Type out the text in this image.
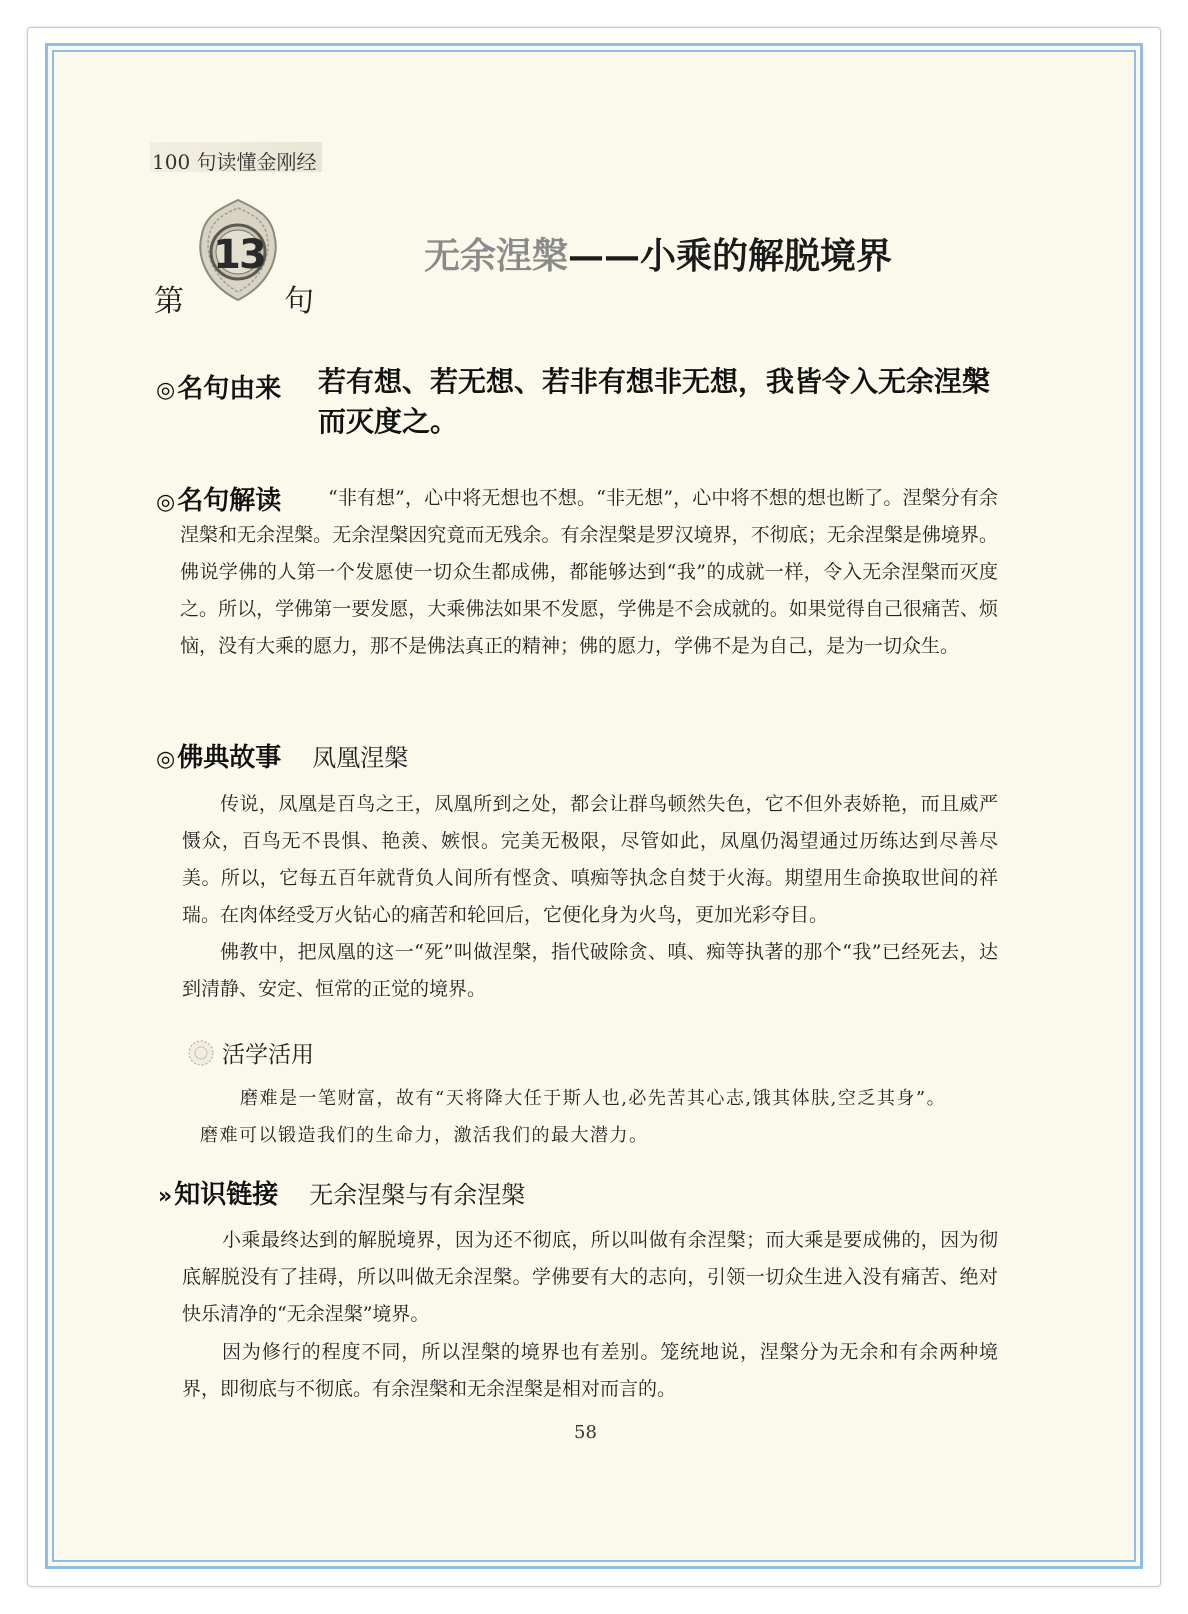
100 句读懂金刚经
13
第	句
无余涅槃——小乘的解脱境界
◎名句由来 若有想、若无想、若非有想非无想，我皆令入无余涅槃而灭度之。
◎名句解读	“非有想”，心中将无想也不想。“非无想”，心中将不想的想也断了。涅槃分有余涅槃和无余涅槃。无余涅槃因究竟而无残余。有余涅槃是罗汉境界，不彻底；无余涅槃是佛境界。佛说学佛的人第一个发愿使一切众生都成佛，都能够达到“我”的成就一样，令入无余涅槃而灭度之。所以，学佛第一要发愿，大乘佛法如果不发愿，学佛是不会成就的。如果觉得自己很痛苦、烦恼，没有大乘的愿力，那不是佛法真正的精神；佛的愿力，学佛不是为自己，是为一切众生。
◎佛典故事 凤凰涅槃
传说，凤凰是百鸟之王，凤凰所到之处，都会让群鸟顿然失色，它不但外表娇艳，而且威严慑众，百鸟无不畏惧、艳羡、嫉恨。完美无极限，尽管如此，凤凰仍渴望通过历练达到尽善尽美。所以，它每五百年就背负人间所有悭贪、嗔痴等执念自焚于火海。期望用生命换取世间的祥瑞。在肉体经受万火钻心的痛苦和轮回后，它便化身为火鸟，更加光彩夺目。
佛教中，把凤凰的这一“死”叫做涅槃，指代破除贪、嗔、痴等执著的那个“我”已经死去，达到清静、安定、恒常的正觉的境界。
活学活用
磨难是一笔财富，故有“天将降大任于斯人也,必先苦其心志,饿其体肤,空乏其身”。
磨难可以锻造我们的生命力，激活我们的最大潜力。
»知识链接 无余涅槃与有余涅槃
小乘最终达到的解脱境界，因为还不彻底，所以叫做有余涅槃；而大乘是要成佛的，因为彻底解脱没有了挂碍，所以叫做无余涅槃。学佛要有大的志向，引领一切众生进入没有痛苦、绝对快乐清净的“无余涅槃”境界。
因为修行的程度不同，所以涅槃的境界也有差别。笼统地说，涅槃分为无余和有余两种境界，即彻底与不彻底。有余涅槃和无余涅槃是相对而言的。
58
